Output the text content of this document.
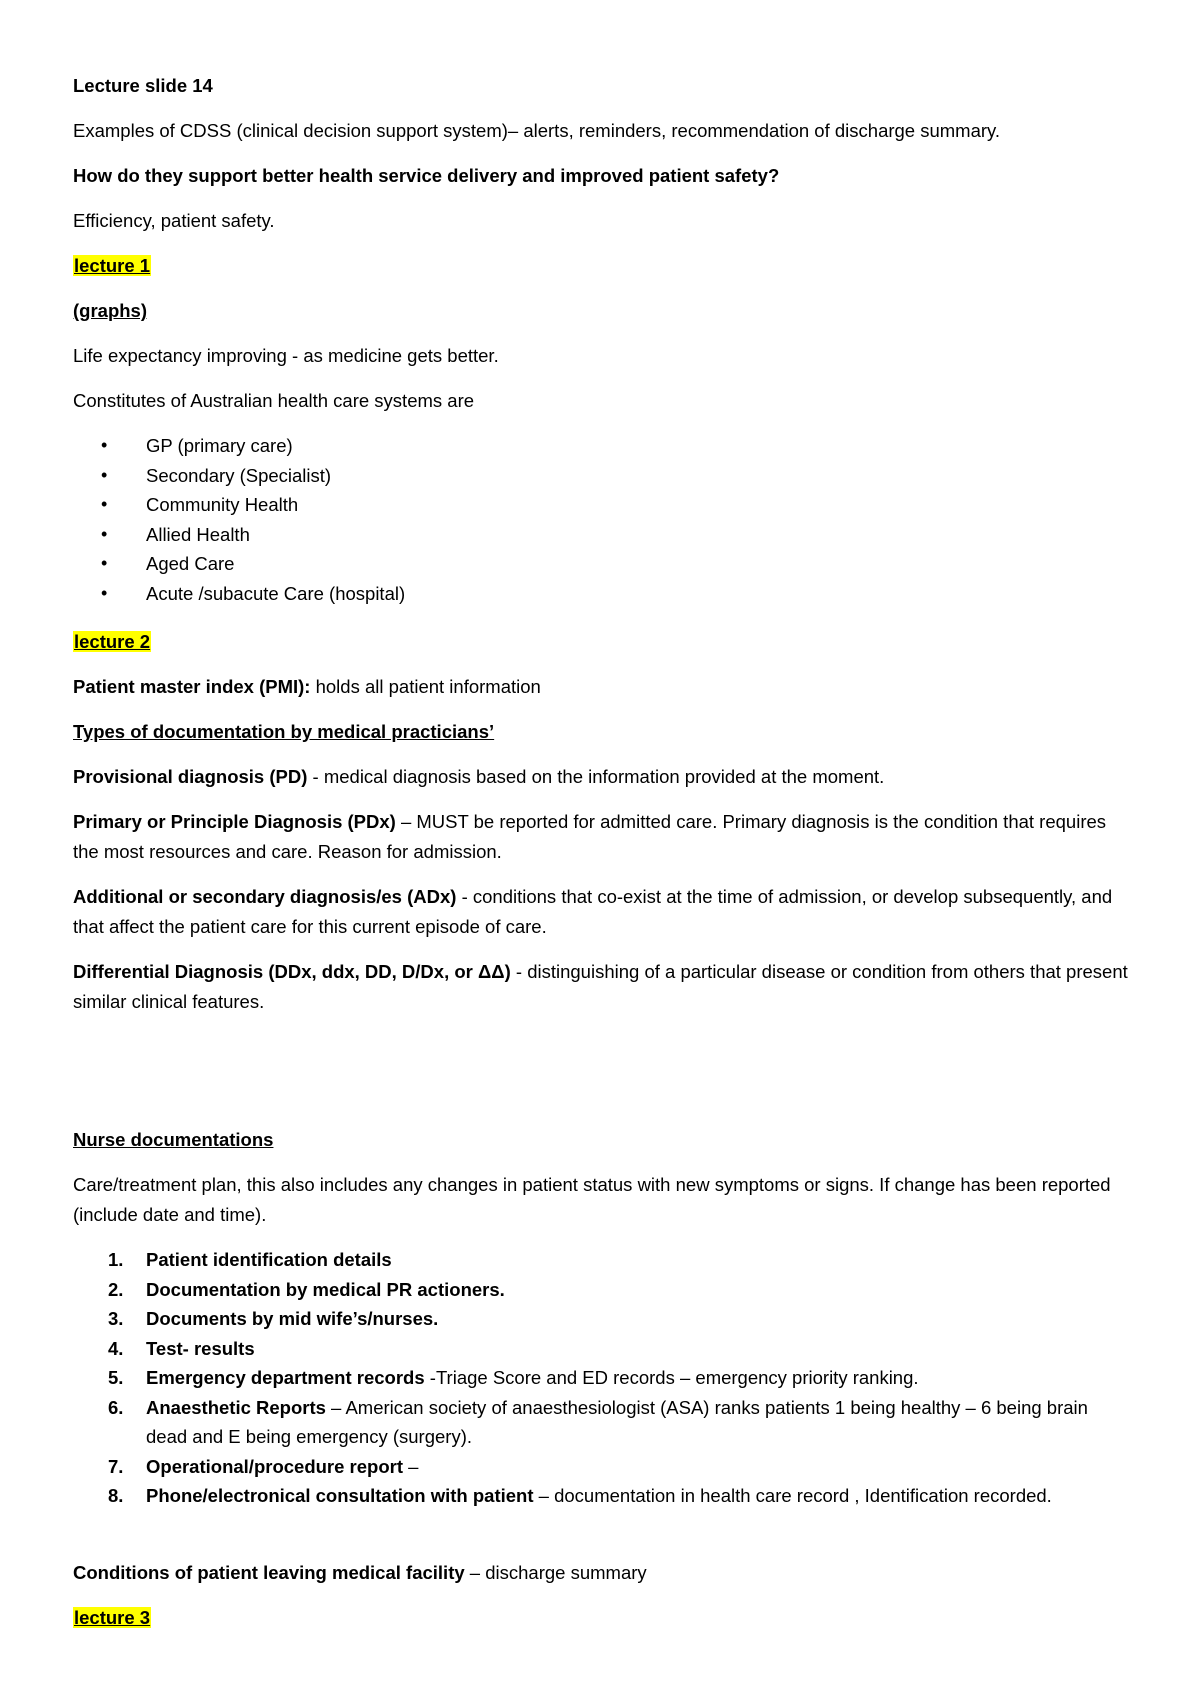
Lecture slide 14

Examples of CDSS (clinical decision support system)– alerts, reminders, recommendation of discharge summary.

How do they support better health service delivery and improved patient safety?

Efficiency, patient safety.

lecture 1

(graphs)

Life expectancy improving - as medicine gets better.

Constitutes of Australian health care systems are

• GP (primary care)
• Secondary (Specialist)
• Community Health
• Allied Health
• Aged Care
• Acute /subacute Care (hospital)

lecture 2

Patient master index (PMI): holds all patient information

Types of documentation by medical practicians’

Provisional diagnosis (PD) - medical diagnosis based on the information provided at the moment.

Primary or Principle Diagnosis (PDx) – MUST be reported for admitted care. Primary diagnosis is the condition that requires the most resources and care. Reason for admission.

Additional or secondary diagnosis/es (ADx) - conditions that co-exist at the time of admission, or develop subsequently, and that affect the patient care for this current episode of care.

Differential Diagnosis (DDx, ddx, DD, D/Dx, or ΔΔ) - distinguishing of a particular disease or condition from others that present similar clinical features.

Nurse documentations

Care/treatment plan, this also includes any changes in patient status with new symptoms or signs. If change has been reported (include date and time).

1. Patient identification details
2. Documentation by medical PR actioners.
3. Documents by mid wife’s/nurses.
4. Test- results
5. Emergency department records -Triage Score and ED records – emergency priority ranking.
6. Anaesthetic Reports – American society of anaesthesiologist (ASA) ranks patients 1 being healthy – 6 being brain dead and E being emergency (surgery).
7. Operational/procedure report –
8. Phone/electronical consultation with patient – documentation in health care record , Identification recorded.

Conditions of patient leaving medical facility – discharge summary

lecture 3
